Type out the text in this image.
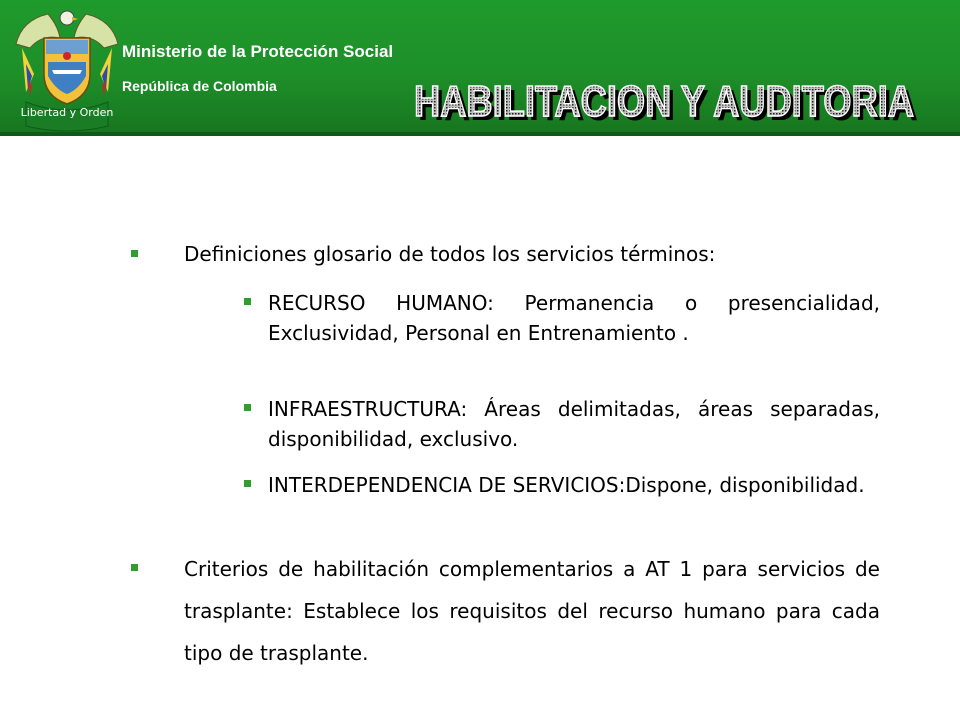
Libertad y Orden
Ministerio de la Protección Social
República de Colombia	HABILITACION Y AUDITORIA
HABILITACION Y AUDITORIA

Definiciones glosario de todos los servicios términos:

RECURSO HUMANO: Permanencia o presencialidad, Exclusividad, Personal en Entrenamiento .

INFRAESTRUCTURA: Áreas delimitadas, áreas separadas, disponibilidad, exclusivo.

INTERDEPENDENCIA DE SERVICIOS:Dispone, disponibilidad.

Criterios de habilitación complementarios a AT 1 para servicios de trasplante: Establece los requisitos del recurso humano para cada tipo de trasplante.
